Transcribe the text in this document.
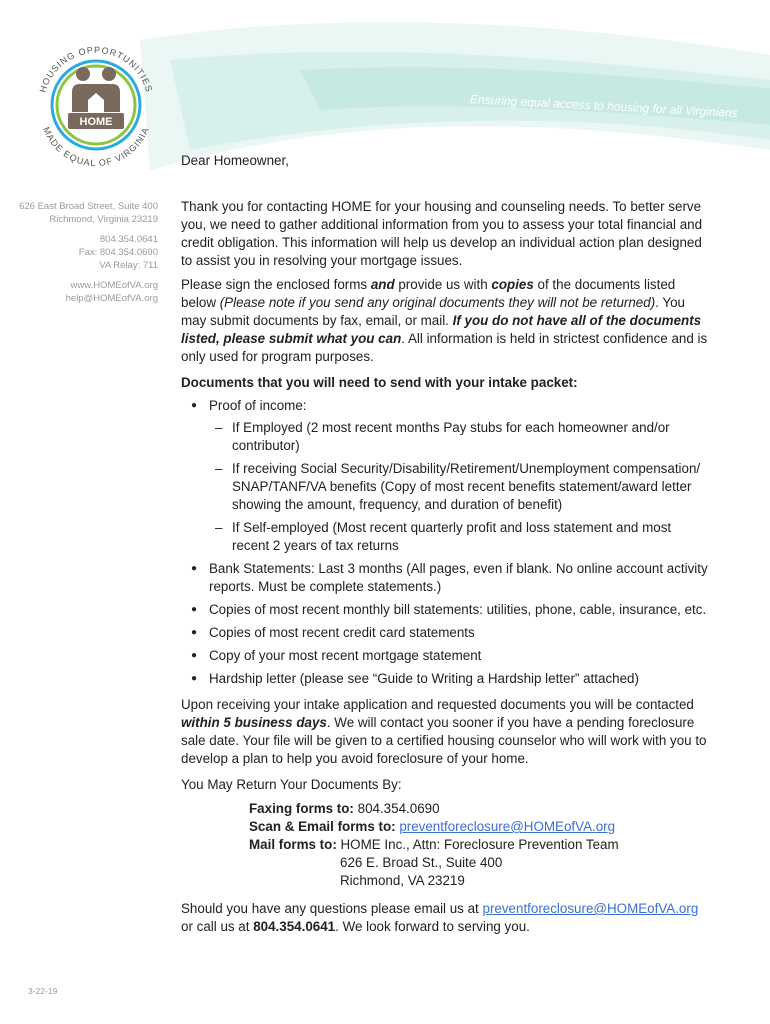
HOME
HOUSING OPPORTUNITIES
MADE EQUAL OF VIRGINIA
Ensuring equal access to housing for all Virginians
626 East Broad Street, Suite 400
Richmond, Virginia 23219
804.354.0641
Fax: 804.354.0690
VA Relay: 711
www.HOMEofVA.org
help@HOMEofVA.org

Dear Homeowner,

Thank you for contacting HOME for your housing and counseling needs. To better serve you, we need to gather additional information from you to assess your total financial and credit obligation. This information will help us develop an individual action plan designed to assist you in resolving your mortgage issues.

Please sign the enclosed forms and provide us with copies of the documents listed below (Please note if you send any original documents they will not be returned). You may submit documents by fax, email, or mail. If you do not have all of the documents listed, please submit what you can. All information is held in strictest confidence and is only used for program purposes.

Documents that you will need to send with your intake packet:

● Proof of income:
– If Employed (2 most recent months Pay stubs for each homeowner and/or contributor)
– If receiving Social Security/Disability/Retirement/Unemployment compensation/ SNAP/TANF/VA benefits (Copy of most recent benefits statement/award letter showing the amount, frequency, and duration of benefit)
– If Self-employed (Most recent quarterly profit and loss statement and most recent 2 years of tax returns
● Bank Statements: Last 3 months (All pages, even if blank. No online account activity reports. Must be complete statements.)
● Copies of most recent monthly bill statements: utilities, phone, cable, insurance, etc.
● Copies of most recent credit card statements
● Copy of your most recent mortgage statement
● Hardship letter (please see “Guide to Writing a Hardship letter” attached)

Upon receiving your intake application and requested documents you will be contacted within 5 business days. We will contact you sooner if you have a pending foreclosure sale date. Your file will be given to a certified housing counselor who will work with you to develop a plan to help you avoid foreclosure of your home.

You May Return Your Documents By:

Faxing forms to: 804.354.0690
Scan & Email forms to: preventforeclosure@HOMEofVA.org
Mail forms to: HOME Inc., Attn: Foreclosure Prevention Team
626 E. Broad St., Suite 400
Richmond, VA 23219

Should you have any questions please email us at preventforeclosure@HOMEofVA.org or call us at 804.354.0641. We look forward to serving you.

3-22-19
